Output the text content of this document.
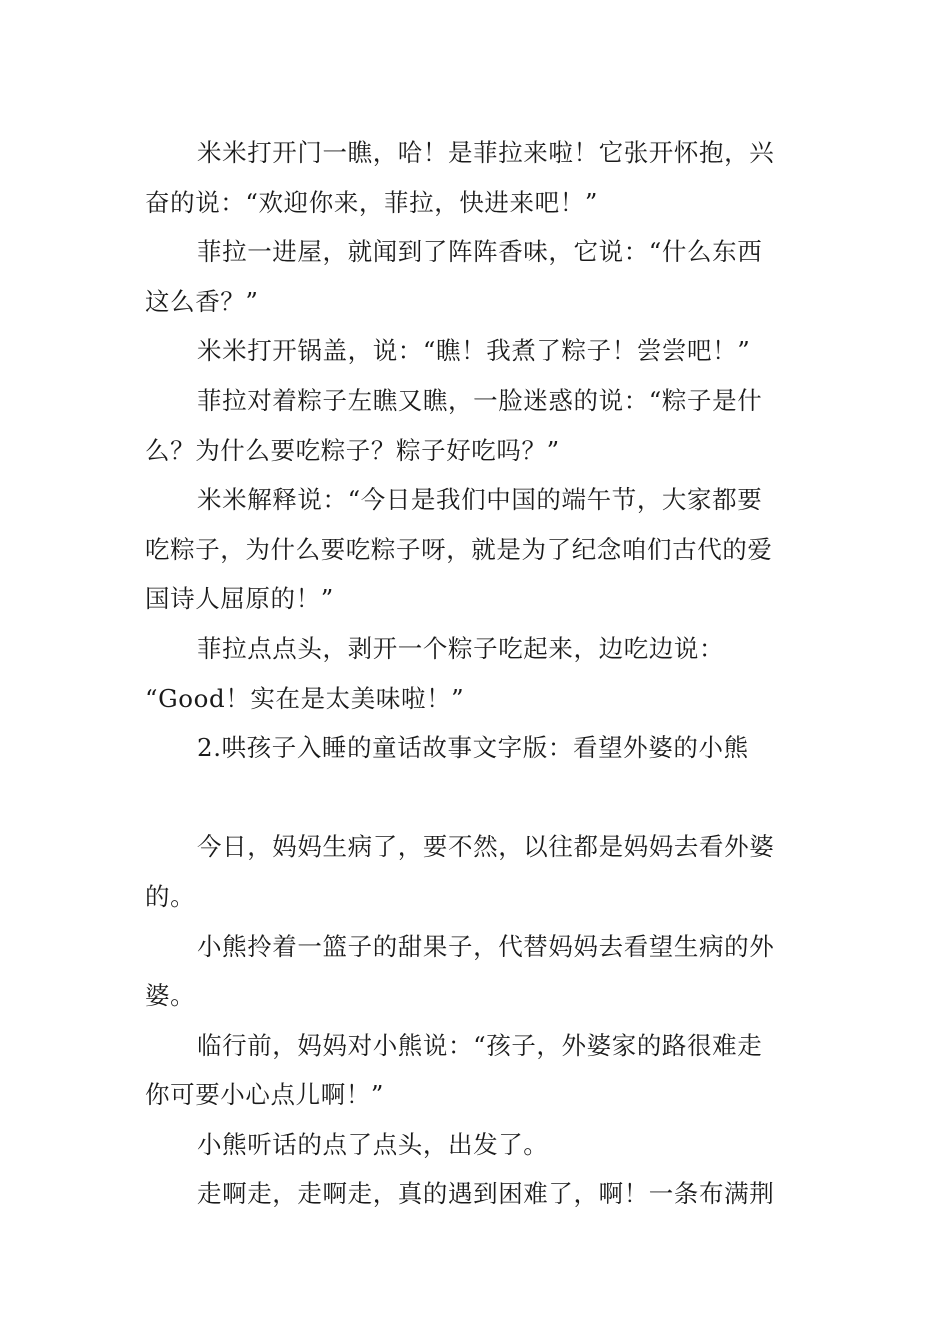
米米打开门一瞧，哈！是菲拉来啦！它张开怀抱，兴
奋的说：“欢迎你来，菲拉，快进来吧！”
菲拉一进屋，就闻到了阵阵香味，它说：“什么东西
这么香？”
米米打开锅盖，说：“瞧！我煮了粽子！尝尝吧！”
菲拉对着粽子左瞧又瞧，一脸迷惑的说：“粽子是什
么？为什么要吃粽子？粽子好吃吗？”
米米解释说：“今日是我们中国的端午节，大家都要
吃粽子，为什么要吃粽子呀，就是为了纪念咱们古代的爱
国诗人屈原的！”
菲拉点点头，剥开一个粽子吃起来，边吃边说：
“Good！实在是太美味啦！”
2.哄孩子入睡的童话故事文字版：看望外婆的小熊
今日，妈妈生病了，要不然，以往都是妈妈去看外婆
的。
小熊拎着一篮子的甜果子，代替妈妈去看望生病的外
婆。
临行前，妈妈对小熊说：“孩子，外婆家的路很难走
你可要小心点儿啊！”
小熊听话的点了点头，出发了。
走啊走，走啊走，真的遇到困难了，啊！一条布满荆
